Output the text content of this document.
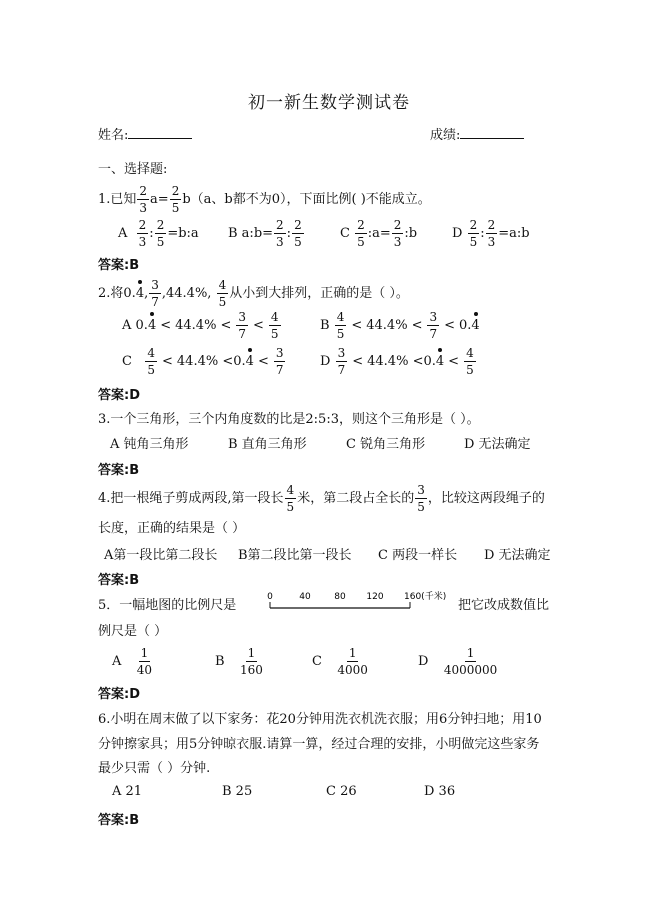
初一新生数学测试卷
姓名:	成绩:
一、选择题:
1.已知 $\frac{2}{3} a= \frac{2}{5} b(a$、b都不为0），下面比例( )不能成立。
A $\frac{2}{3}$ : $\frac{2}{5}$ =b:a B a:b= $\frac{2}{3}$ : $\frac{2}{5}$	C $\frac{2}{5}$ :a= $\frac{2}{3}$ :b	D $\frac{2}{5}$ : $\frac{2}{3}$ =a:b
答案:B
2.将0.4, $\frac{3}{7} ,44.4\%$, $\frac{4}{5}$ 从小到大排列，正确的是（ ）。
A $0.4 < 44.4\% < \frac{3}{7} < \frac{4}{5}$	B $\frac{4}{5} < 44.4\% < \frac{3}{7} < 0.4$
C $\frac{4}{5} < 44.4\% <0.4 < \frac{3}{7}$	D $\frac{3}{7} < 44.4\% <0.4 < \frac{4}{5}$
答案:D
3.一个三角形，三个内角度数的比是2:5:3，则这个三角形是（ ）。
A 钝角三角形	B 直角三角形	C 锐角三角形	D 无法确定
答案:B
4.把一根绳子剪成两段,第一段长 $\frac{4}{5}$ 米，第二段占全长的 $\frac{3}{5}$ ，比较这两段绳子的
长度，正确的结果是（ ）
A第一段比第二段长 B第二段比第一段长 C 两段一样长 D 无法确定
答案:B
5．一幅地图的比例尺是
0	40	80 120 160(千米)
把它改成数值比
例尺是（ ）
A $\frac{1}{40}$	B $\frac{1}{160}$	C $\frac{1}{4000}$	D $\frac{1}{4000000}$
答案:D
6.小明在周末做了以下家务：花20分钟用洗衣机洗衣服；用6分钟扫地；用10
分钟擦家具；用5分钟晾衣服.请算一算，经过合理的安排，小明做完这些家务
最少只需（ ）分钟.
A 21	B 25	C 26	D 36
答案:B
